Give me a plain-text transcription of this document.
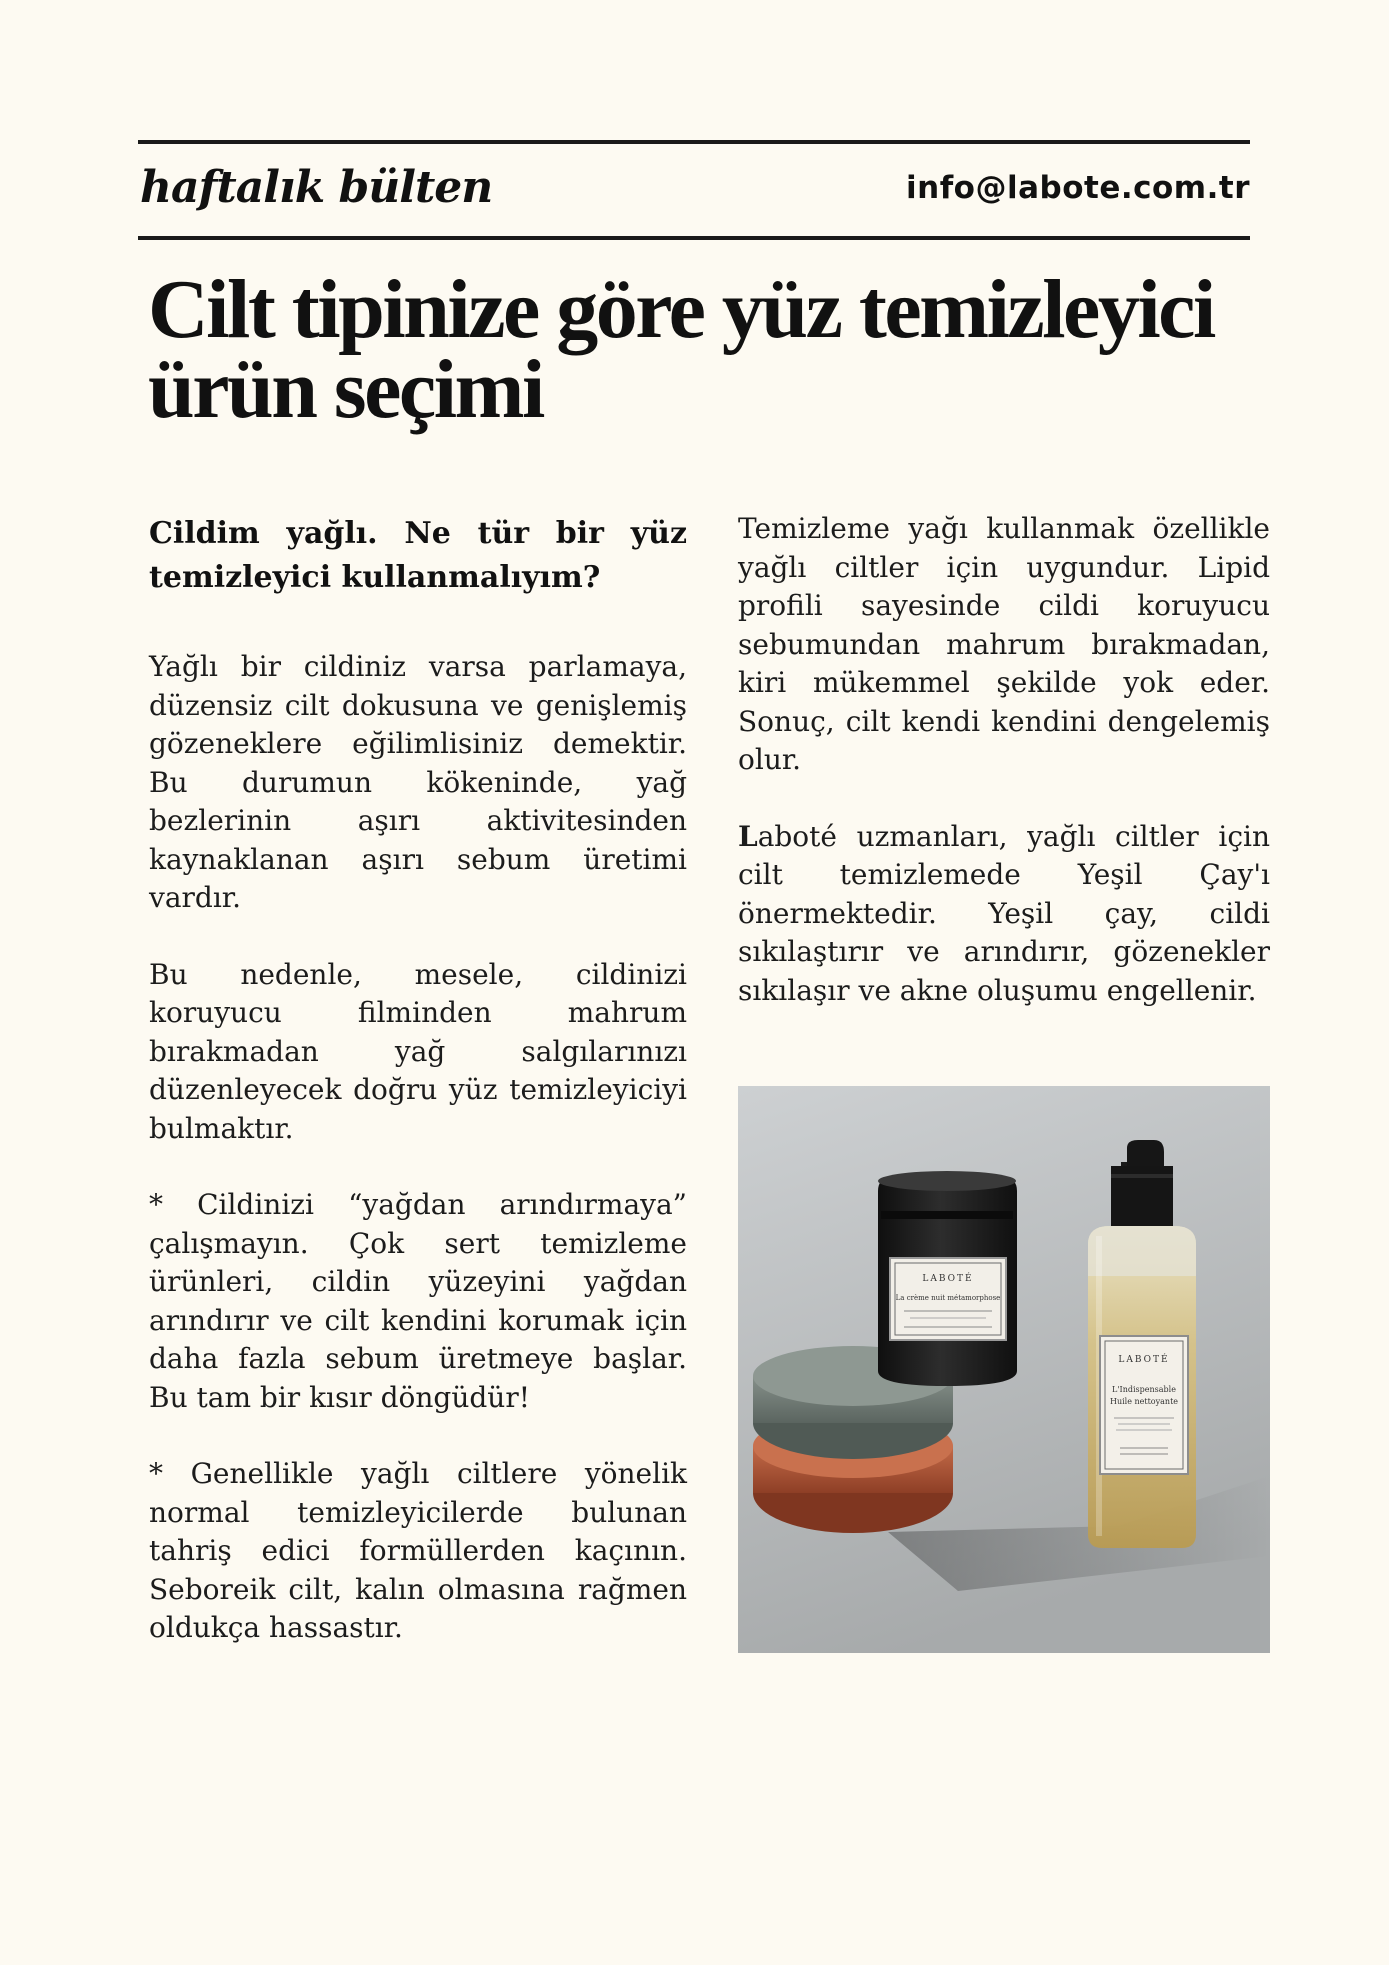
haftalık bülten	info@labote.com.tr
Cilt tipinize göre yüz temizleyici ürün seçimi

Cildim yağlı. Ne tür bir yüz temizleyici kullanmalıyım?

Yağlı bir cildiniz varsa parlamaya, düzensiz cilt dokusuna ve genişlemiş gözeneklere eğilimlisiniz demektir. Bu durumun kökeninde, yağ bezlerinin aşırı aktivitesinden kaynaklanan aşırı sebum üretimi vardır.

Bu nedenle, mesele, cildinizi koruyucu filminden mahrum bırakmadan yağ salgılarınızı düzenleyecek doğru yüz temizleyiciyi bulmaktır.

* Cildinizi “yağdan arındırmaya” çalışmayın. Çok sert temizleme ürünleri, cildin yüzeyini yağdan arındırır ve cilt kendini korumak için daha fazla sebum üretmeye başlar. Bu tam bir kısır döngüdür!

* Genellikle yağlı ciltlere yönelik normal temizleyicilerde bulunan tahriş edici formüllerden kaçının. Seboreik cilt, kalın olmasına rağmen oldukça hassastır.

Temizleme yağı kullanmak özellikle yağlı ciltler için uygundur. Lipid profili sayesinde cildi koruyucu sebumundan mahrum bırakmadan, kiri mükemmel şekilde yok eder. Sonuç, cilt kendi kendini dengelemiş olur.

Laboté uzmanları, yağlı ciltler için cilt temizlemede Yeşil Çay'ı önermektedir. Yeşil çay, cildi sıkılaştırır ve arındırır, gözenekler sıkılaşır ve akne oluşumu engellenir.

LABOTÉ
La crème nuit métamorphose
LABOTÉ
L'Indispensable
Huile nettoyante
